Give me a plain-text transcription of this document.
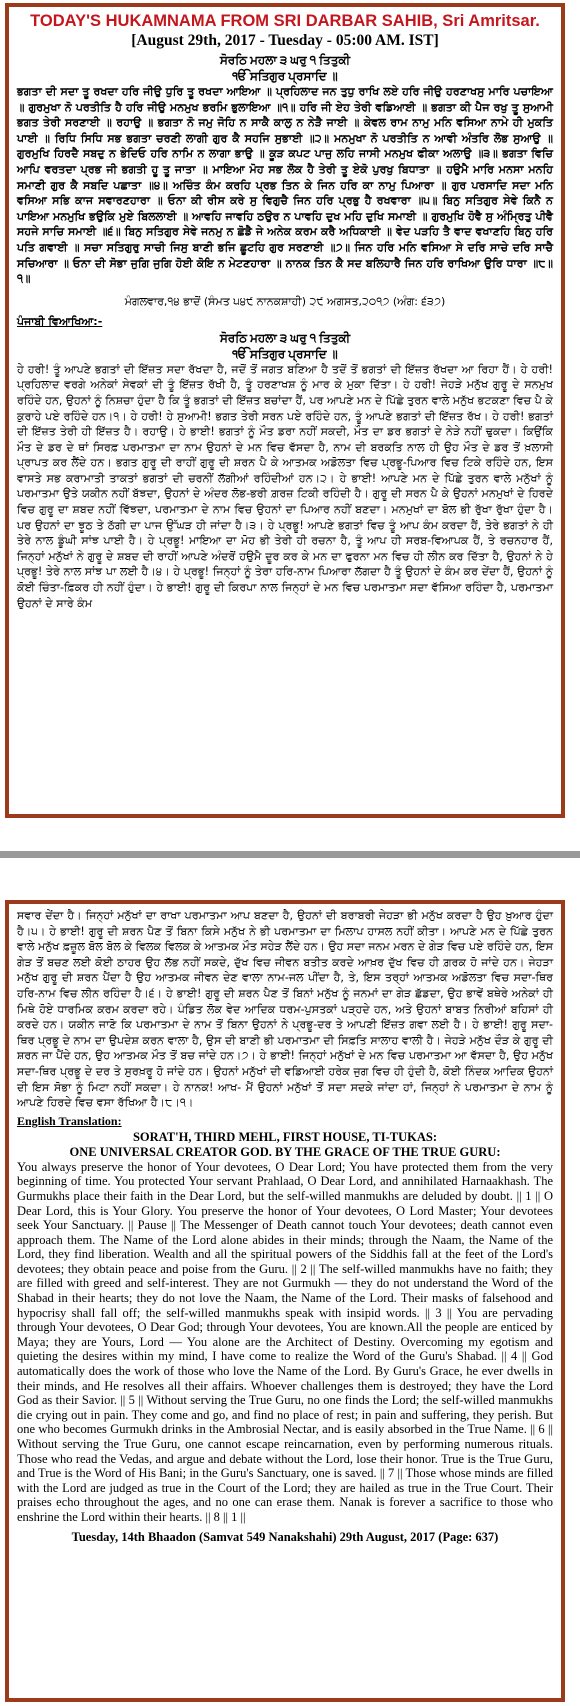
TODAY'S HUKAMNAMA FROM SRI DARBAR SAHIB, Sri Amritsar.

[August 29th, 2017 - Tuesday - 05:00 AM. IST]

ਸੋਰਠਿ ਮਹਲਾ ੩ ਘਰੁ ੧ ਤਿਤੁਕੀ

ੴ ਸਤਿਗੁਰ ਪ੍ਰਸਾਦਿ ॥

ਭਗਤਾ ਦੀ ਸਦਾ ਤੂ ਰਖਦਾ ਹਰਿ ਜੀਉ ਧੁਰਿ ਤੂ ਰਖਦਾ ਆਇਆ ॥ ਪ੍ਰਹਿਲਾਦ ਜਨ ਤੁਧੁ ਰਾਖਿ ਲਏ ਹਰਿ ਜੀਉ ਹਰਣਾਖਸੁ ਮਾਰਿ ਪਚਾਇਆ ॥ ਗੁਰਮੁਖਾ ਨੋ ਪਰਤੀਤਿ ਹੈ ਹਰਿ ਜੀਉ ਮਨਮੁਖ ਭਰਮਿ ਭੁਲਾਇਆ ॥੧॥ ਹਰਿ ਜੀ ਏਹ ਤੇਰੀ ਵਡਿਆਈ ॥ ਭਗਤਾ ਕੀ ਪੈਜ ਰਖੁ ਤੂ ਸੁਆਮੀ ਭਗਤ ਤੇਰੀ ਸਰਣਾਈ ॥ ਰਹਾਉ ॥ ਭਗਤਾ ਨੋ ਜਮੁ ਜੋਹਿ ਨ ਸਾਕੈ ਕਾਲੁ ਨ ਨੇੜੈ ਜਾਈ ॥ ਕੇਵਲ ਰਾਮ ਨਾਮੁ ਮਨਿ ਵਸਿਆ ਨਾਮੇ ਹੀ ਮੁਕਤਿ ਪਾਈ ॥ ਰਿਧਿ ਸਿਧਿ ਸਭ ਭਗਤਾ ਚਰਣੀ ਲਾਗੀ ਗੁਰ ਕੈ ਸਹਜਿ ਸੁਭਾਈ ॥੨॥ ਮਨਮੁਖਾ ਨੋ ਪਰਤੀਤਿ ਨ ਆਵੀ ਅੰਤਰਿ ਲੋਭ ਸੁਆਉ ॥ ਗੁਰਮੁਖਿ ਹਿਰਦੈ ਸਬਦੁ ਨ ਭੇਦਿਓ ਹਰਿ ਨਾਮਿ ਨ ਲਾਗਾ ਭਾਉ ॥ ਕੂੜ ਕਪਟ ਪਾਜੁ ਲਹਿ ਜਾਸੀ ਮਨਮੁਖ ਫੀਕਾ ਅਲਾਉ ॥੩॥ ਭਗਤਾ ਵਿਚਿ ਆਪਿ ਵਰਤਦਾ ਪ੍ਰਭ ਜੀ ਭਗਤੀ ਹੂ ਤੂ ਜਾਤਾ ॥ ਮਾਇਆ ਮੋਹ ਸਭ ਲੋਕ ਹੈ ਤੇਰੀ ਤੂ ਏਕੋ ਪੁਰਖੁ ਬਿਧਾਤਾ ॥ ਹਉਮੈ ਮਾਰਿ ਮਨਸਾ ਮਨਹਿ ਸਮਾਣੀ ਗੁਰ ਕੈ ਸਬਦਿ ਪਛਾਤਾ ॥੪॥ ਅਚਿੰਤ ਕੰਮ ਕਰਹਿ ਪ੍ਰਭ ਤਿਨ ਕੇ ਜਿਨ ਹਰਿ ਕਾ ਨਾਮੁ ਪਿਆਰਾ ॥ ਗੁਰ ਪਰਸਾਦਿ ਸਦਾ ਮਨਿ ਵਸਿਆ ਸਭਿ ਕਾਜ ਸਵਾਰਣਹਾਰਾ ॥ ਓਨਾ ਕੀ ਰੀਸ ਕਰੇ ਸੁ ਵਿਗੁਚੈ ਜਿਨ ਹਰਿ ਪ੍ਰਭੁ ਹੈ ਰਖਵਾਰਾ ॥੫॥ ਬਿਨੁ ਸਤਿਗੁਰ ਸੇਵੇ ਕਿਨੈ ਨ ਪਾਇਆ ਮਨਮੁਖਿ ਭਉਕਿ ਮੁਏ ਬਿਲਲਾਈ ॥ ਆਵਹਿ ਜਾਵਹਿ ਠਉਰ ਨ ਪਾਵਹਿ ਦੁਖ ਮਹਿ ਦੁਖਿ ਸਮਾਈ ॥ ਗੁਰਮੁਖਿ ਹੋਵੈ ਸੁ ਅੰਮ੍ਰਿਤੁ ਪੀਵੈ ਸਹਜੇ ਸਾਚਿ ਸਮਾਈ ॥੬॥ ਬਿਨੁ ਸਤਿਗੁਰ ਸੇਵੇ ਜਨਮੁ ਨ ਛੋਡੈ ਜੇ ਅਨੇਕ ਕਰਮ ਕਰੈ ਅਧਿਕਾਈ ॥ ਵੇਦ ਪੜਹਿ ਤੈ ਵਾਦ ਵਖਾਣਹਿ ਬਿਨੁ ਹਰਿ ਪਤਿ ਗਵਾਈ ॥ ਸਚਾ ਸਤਿਗੁਰੁ ਸਾਚੀ ਜਿਸੁ ਬਾਣੀ ਭਜਿ ਛੂਟਹਿ ਗੁਰ ਸਰਣਾਈ ॥੭॥ ਜਿਨ ਹਰਿ ਮਨਿ ਵਸਿਆ ਸੇ ਦਰਿ ਸਾਚੇ ਦਰਿ ਸਾਚੈ ਸਚਿਆਰਾ ॥ ਓਨਾ ਦੀ ਸੋਭਾ ਜੁਗਿ ਜੁਗਿ ਹੋਈ ਕੋਇ ਨ ਮੇਟਣਹਾਰਾ ॥ ਨਾਨਕ ਤਿਨ ਕੈ ਸਦ ਬਲਿਹਾਰੈ ਜਿਨ ਹਰਿ ਰਾਖਿਆ ਉਰਿ ਧਾਰਾ ॥੮॥੧॥

ਮੰਗਲਵਾਰ,੧੪ ਭਾਦੋਂ (ਸੰਮਤ ੫੪੯ ਨਾਨਕਸ਼ਾਹੀ) ੨੯ ਅਗਸਤ,੨੦੧੭ (ਅੰਗ: ੬੩੭)

ਪੰਜਾਬੀ ਵਿਆਖਿਆ:-

ਸੋਰਠਿ ਮਹਲਾ ੩ ਘਰੁ ੧ ਤਿਤੁਕੀ

ੴ ਸਤਿਗੁਰ ਪ੍ਰਸਾਦਿ ॥

ਹੇ ਹਰੀ! ਤੂੰ ਆਪਣੇ ਭਗਤਾਂ ਦੀ ਇੱਜ਼ਤ ਸਦਾ ਰੱਖਦਾ ਹੈ, ਜਦੋਂ ਤੋਂ ਜਗਤ ਬਣਿਆ ਹੈ ਤਦੋਂ ਤੋਂ ਭਗਤਾਂ ਦੀ ਇੱਜ਼ਤ ਰੱਖਦਾ ਆ ਰਿਹਾ ਹੈਂ। ਹੇ ਹਰੀ! ਪ੍ਰਹਿਲਾਦ ਵਰਗੇ ਅਨੇਕਾਂ ਸੇਵਕਾਂ ਦੀ ਤੂੰ ਇੱਜ਼ਤ ਰੱਖੀ ਹੈ, ਤੂੰ ਹਰਣਾਖਸ਼ ਨੂੰ ਮਾਰ ਕੇ ਮੁਕਾ ਦਿੱਤਾ। ਹੇ ਹਰੀ! ਜੇਹੜੇ ਮਨੁੱਖ ਗੁਰੂ ਦੇ ਸਨਮੁਖ ਰਹਿੰਦੇ ਹਨ, ਉਹਨਾਂ ਨੂੰ ਨਿਸ਼ਚਾ ਹੁੰਦਾ ਹੈ ਕਿ ਤੂੰ ਭਗਤਾਂ ਦੀ ਇੱਜ਼ਤ ਬਚਾਂਦਾ ਹੈਂ, ਪਰ ਆਪਣੇ ਮਨ ਦੇ ਪਿੱਛੇ ਤੁਰਨ ਵਾਲੇ ਮਨੁੱਖ ਭਟਕਣਾ ਵਿਚ ਪੈ ਕੇ ਕੁਰਾਹੇ ਪਏ ਰਹਿੰਦੇ ਹਨ।੧। ਹੇ ਹਰੀ! ਹੇ ਸੁਆਮੀ! ਭਗਤ ਤੇਰੀ ਸਰਨ ਪਏ ਰਹਿੰਦੇ ਹਨ, ਤੂੰ ਆਪਣੇ ਭਗਤਾਂ ਦੀ ਇੱਜ਼ਤ ਰੱਖ। ਹੇ ਹਰੀ! ਭਗਤਾਂ ਦੀ ਇੱਜ਼ਤ ਤੇਰੀ ਹੀ ਇੱਜ਼ਤ ਹੈ। ਰਹਾਉ। ਹੇ ਭਾਈ! ਭਗਤਾਂ ਨੂੰ ਮੌਤ ਡਰਾ ਨਹੀਂ ਸਕਦੀ, ਮੌਤ ਦਾ ਡਰ ਭਗਤਾਂ ਦੇ ਨੇੜੇ ਨਹੀਂ ਢੁਕਦਾ। ਕਿਉਂਕਿ ਮੌਤ ਦੇ ਡਰ ਦੇ ਥਾਂ ਸਿਰਫ਼ ਪਰਮਾਤਮਾ ਦਾ ਨਾਮ ਉਹਨਾਂ ਦੇ ਮਨ ਵਿਚ ਵੱਸਦਾ ਹੈ, ਨਾਮ ਦੀ ਬਰਕਤਿ ਨਾਲ ਹੀ ਉਹ ਮੌਤ ਦੇ ਡਰ ਤੋਂ ਖ਼ਲਾਸੀ ਪ੍ਰਾਪਤ ਕਰ ਲੈਂਦੇ ਹਨ। ਭਗਤ ਗੁਰੂ ਦੀ ਰਾਹੀਂ ਗੁਰੂ ਦੀ ਸ਼ਰਨ ਪੈ ਕੇ ਆਤਮਕ ਅਡੋਲਤਾ ਵਿਚ ਪ੍ਰਭੂ-ਪਿਆਰ ਵਿਚ ਟਿਕੇ ਰਹਿੰਦੇ ਹਨ, ਇਸ ਵਾਸਤੇ ਸਭ ਕਰਾਮਾਤੀ ਤਾਕਤਾਂ ਭਗਤਾਂ ਦੀ ਚਰਨੀਂ ਲੱਗੀਆਂ ਰਹਿੰਦੀਆਂ ਹਨ।੨। ਹੇ ਭਾਈ! ਆਪਣੇ ਮਨ ਦੇ ਪਿੱਛੇ ਤੁਰਨ ਵਾਲੇ ਮਨੁੱਖਾਂ ਨੂੰ ਪਰਮਾਤਮਾ ਉਤੇ ਯਕੀਨ ਨਹੀਂ ਬੱਝਦਾ, ਉਹਨਾਂ ਦੇ ਅੰਦਰ ਲੋਭ-ਭਰੀ ਗ਼ਰਜ਼ ਟਿਕੀ ਰਹਿੰਦੀ ਹੈ। ਗੁਰੂ ਦੀ ਸਰਨ ਪੈ ਕੇ ਉਹਨਾਂ ਮਨਮੁਖਾਂ ਦੇ ਹਿਰਦੇ ਵਿਚ ਗੁਰੂ ਦਾ ਸ਼ਬਦ ਨਹੀਂ ਵਿੱਝਦਾ, ਪਰਮਾਤਮਾ ਦੇ ਨਾਮ ਵਿਚ ਉਹਨਾਂ ਦਾ ਪਿਆਰ ਨਹੀਂ ਬਣਦਾ। ਮਨਮੁਖਾਂ ਦਾ ਬੋਲ ਭੀ ਰੁੱਖਾ ਰੁੱਖਾ ਹੁੰਦਾ ਹੈ। ਪਰ ਉਹਨਾਂ ਦਾ ਝੂਠ ਤੇ ਠੱਗੀ ਦਾ ਪਾਜ ਉੱਘੜ ਹੀ ਜਾਂਦਾ ਹੈ।੩। ਹੇ ਪ੍ਰਭੂ! ਆਪਣੇ ਭਗਤਾਂ ਵਿਚ ਤੂੰ ਆਪ ਕੰਮ ਕਰਦਾ ਹੈਂ, ਤੇਰੇ ਭਗਤਾਂ ਨੇ ਹੀ ਤੇਰੇ ਨਾਲ ਡੂੰਘੀ ਸਾਂਝ ਪਾਈ ਹੈ। ਹੇ ਪ੍ਰਭੂ! ਮਾਇਆ ਦਾ ਮੋਹ ਭੀ ਤੇਰੀ ਹੀ ਰਚਨਾ ਹੈ, ਤੂੰ ਆਪ ਹੀ ਸਰਬ-ਵਿਆਪਕ ਹੈਂ, ਤੇ ਰਚਨਹਾਰ ਹੈਂ, ਜਿਨ੍ਹਾਂ ਮਨੁੱਖਾਂ ਨੇ ਗੁਰੂ ਦੇ ਸ਼ਬਦ ਦੀ ਰਾਹੀਂ ਆਪਣੇ ਅੰਦਰੋਂ ਹਉਮੈ ਦੂਰ ਕਰ ਕੇ ਮਨ ਦਾ ਫੁਰਨਾ ਮਨ ਵਿਚ ਹੀ ਲੀਨ ਕਰ ਦਿੱਤਾ ਹੈ, ਉਹਨਾਂ ਨੇ ਹੇ ਪ੍ਰਭੂ! ਤੇਰੇ ਨਾਲ ਸਾਂਝ ਪਾ ਲਈ ਹੈ।੪। ਹੇ ਪ੍ਰਭੂ! ਜਿਨ੍ਹਾਂ ਨੂੰ ਤੇਰਾ ਹਰਿ-ਨਾਮ ਪਿਆਰਾ ਲੱਗਦਾ ਹੈ ਤੂੰ ਉਹਨਾਂ ਦੇ ਕੰਮ ਕਰ ਦੇਂਦਾ ਹੈਂ, ਉਹਨਾਂ ਨੂੰ ਕੋਈ ਚਿੰਤਾ-ਫ਼ਿਕਰ ਹੀ ਨਹੀਂ ਹੁੰਦਾ। ਹੇ ਭਾਈ! ਗੁਰੂ ਦੀ ਕਿਰਪਾ ਨਾਲ ਜਿਨ੍ਹਾਂ ਦੇ ਮਨ ਵਿਚ ਪਰਮਾਤਮਾ ਸਦਾ ਵੱਸਿਆ ਰਹਿੰਦਾ ਹੈ, ਪਰਮਾਤਮਾ ਉਹਨਾਂ ਦੇ ਸਾਰੇ ਕੰਮ

ਸਵਾਰ ਦੇਂਦਾ ਹੈ। ਜਿਨ੍ਹਾਂ ਮਨੁੱਖਾਂ ਦਾ ਰਾਖਾ ਪਰਮਾਤਮਾ ਆਪ ਬਣਦਾ ਹੈ, ਉਹਨਾਂ ਦੀ ਬਰਾਬਰੀ ਜੇਹੜਾ ਭੀ ਮਨੁੱਖ ਕਰਦਾ ਹੈ ਉਹ ਖ਼ੁਆਰ ਹੁੰਦਾ ਹੈ।੫। ਹੇ ਭਾਈ! ਗੁਰੂ ਦੀ ਸ਼ਰਨ ਪੈਣ ਤੋਂ ਬਿਨਾ ਕਿਸੇ ਮਨੁੱਖ ਨੇ ਭੀ ਪਰਮਾਤਮਾ ਦਾ ਮਿਲਾਪ ਹਾਸਲ ਨਹੀਂ ਕੀਤਾ। ਆਪਣੇ ਮਨ ਦੇ ਪਿੱਛੇ ਤੁਰਨ ਵਾਲੇ ਮਨੁੱਖ ਫ਼ਜ਼ੂਲ ਬੋਲ ਬੋਲ ਕੇ ਵਿਲਕ ਵਿਲਕ ਕੇ ਆਤਮਕ ਮੌਤ ਸਹੇੜ ਲੈਂਦੇ ਹਨ। ਉਹ ਸਦਾ ਜਨਮ ਮਰਨ ਦੇ ਗੇੜ ਵਿਚ ਪਏ ਰਹਿੰਦੇ ਹਨ, ਇਸ ਗੇੜ ਤੋਂ ਬਚਣ ਲਈ ਕੋਈ ਠਾਹਰ ਉਹ ਲੱਭ ਨਹੀਂ ਸਕਦੇ, ਦੁੱਖ ਵਿਚ ਜੀਵਨ ਬਤੀਤ ਕਰਦੇ ਆਖ਼ਰ ਦੁੱਖ ਵਿਚ ਹੀ ਗ਼ਰਕ ਹੋ ਜਾਂਦੇ ਹਨ। ਜੇਹੜਾ ਮਨੁੱਖ ਗੁਰੂ ਦੀ ਸ਼ਰਨ ਪੈਂਦਾ ਹੈ ਉਹ ਆਤਮਕ ਜੀਵਨ ਦੇਣ ਵਾਲਾ ਨਾਮ-ਜਲ ਪੀਂਦਾ ਹੈ, ਤੇ, ਇਸ ਤਰ੍ਹਾਂ ਆਤਮਕ ਅਡੋਲਤਾ ਵਿਚ ਸਦਾ-ਥਿਰ ਹਰਿ-ਨਾਮ ਵਿਚ ਲੀਨ ਰਹਿੰਦਾ ਹੈ।੬। ਹੇ ਭਾਈ! ਗੁਰੂ ਦੀ ਸ਼ਰਨ ਪੈਣ ਤੋਂ ਬਿਨਾਂ ਮਨੁੱਖ ਨੂੰ ਜਨਮਾਂ ਦਾ ਗੇੜ ਛੱਡਦਾ, ਉਹ ਭਾਵੇਂ ਬਥੇਰੇ ਅਨੇਕਾਂ ਹੀ ਮਿਥੇ ਹੋਏ ਧਾਰਮਿਕ ਕਰਮ ਕਰਦਾ ਰਹੇ। ਪੰਡਿਤ ਲੋਕ ਵੇਦ ਆਦਿਕ ਧਰਮ-ਪੁਸਤਕਾਂ ਪੜ੍ਹਦੇ ਹਨ, ਅਤੇ ਉਹਨਾਂ ਬਾਬਤ ਨਿਰੀਆਂ ਬਹਿਸਾਂ ਹੀ ਕਰਦੇ ਹਨ। ਯਕੀਨ ਜਾਣੋ ਕਿ ਪਰਮਾਤਮਾ ਦੇ ਨਾਮ ਤੋਂ ਬਿਨਾ ਉਹਨਾਂ ਨੇ ਪ੍ਰਭੂ-ਦਰ ਤੇ ਆਪਣੀ ਇੱਜ਼ਤ ਗਵਾ ਲਈ ਹੈ। ਹੇ ਭਾਈ! ਗੁਰੂ ਸਦਾ-ਥਿਰ ਪ੍ਰਭੂ ਦੇ ਨਾਮ ਦਾ ਉਪਦੇਸ਼ ਕਰਨ ਵਾਲਾ ਹੈ, ਉਸ ਦੀ ਬਾਣੀ ਭੀ ਪਰਮਾਤਮਾ ਦੀ ਸਿਫ਼ਤਿ ਸਾਲਾਹ ਵਾਲੀ ਹੈ। ਜੇਹੜੇ ਮਨੁੱਖ ਦੌੜ ਕੇ ਗੁਰੂ ਦੀ ਸ਼ਰਨ ਜਾ ਪੈਂਦੇ ਹਨ, ਉਹ ਆਤਮਕ ਮੌਤ ਤੋਂ ਬਚ ਜਾਂਦੇ ਹਨ।੭। ਹੇ ਭਾਈ! ਜਿਨ੍ਹਾਂ ਮਨੁੱਖਾਂ ਦੇ ਮਨ ਵਿਚ ਪਰਮਾਤਮਾ ਆ ਵੱਸਦਾ ਹੈ, ਉਹ ਮਨੁੱਖ ਸਦਾ-ਥਿਰ ਪ੍ਰਭੂ ਦੇ ਦਰ ਤੇ ਸੁਰਖ਼ਰੂ ਹੋ ਜਾਂਦੇ ਹਨ। ਉਹਨਾਂ ਮਨੁੱਖਾਂ ਦੀ ਵਡਿਆਈ ਹਰੇਕ ਜੁਗ ਵਿਚ ਹੀ ਹੁੰਦੀ ਹੈ, ਕੋਈ ਨਿੰਦਕ ਆਦਿਕ ਉਹਨਾਂ ਦੀ ਇਸ ਸੋਭਾ ਨੂੰ ਮਿਟਾ ਨਹੀਂ ਸਕਦਾ। ਹੇ ਨਾਨਕ! ਆਖ- ਮੈਂ ਉਹਨਾਂ ਮਨੁੱਖਾਂ ਤੋਂ ਸਦਾ ਸਦਕੇ ਜਾਂਦਾ ਹਾਂ, ਜਿਨ੍ਹਾਂ ਨੇ ਪਰਮਾਤਮਾ ਦੇ ਨਾਮ ਨੂੰ ਆਪਣੇ ਹਿਰਦੇ ਵਿਚ ਵਸਾ ਰੱਖਿਆ ਹੈ।੮।੧।

English Translation:

SORAT'H, THIRD MEHL, FIRST HOUSE, TI-TUKAS:

ONE UNIVERSAL CREATOR GOD. BY THE GRACE OF THE TRUE GURU:

You always preserve the honor of Your devotees, O Dear Lord; You have protected them from the very beginning of time. You protected Your servant Prahlaad, O Dear Lord, and annihilated Harnaakhash. The Gurmukhs place their faith in the Dear Lord, but the self-willed manmukhs are deluded by doubt. || 1 || O Dear Lord, this is Your Glory. You preserve the honor of Your devotees, O Lord Master; Your devotees seek Your Sanctuary. || Pause || The Messenger of Death cannot touch Your devotees; death cannot even approach them. The Name of the Lord alone abides in their minds; through the Naam, the Name of the Lord, they find liberation. Wealth and all the spiritual powers of the Siddhis fall at the feet of the Lord's devotees; they obtain peace and poise from the Guru. || 2 || The self-willed manmukhs have no faith; they are filled with greed and self-interest. They are not Gurmukh — they do not understand the Word of the Shabad in their hearts; they do not love the Naam, the Name of the Lord. Their masks of falsehood and hypocrisy shall fall off; the self-willed manmukhs speak with insipid words. || 3 || You are pervading through Your devotees, O Dear God; through Your devotees, You are known.All the people are enticed by Maya; they are Yours, Lord — You alone are the Architect of Destiny. Overcoming my egotism and quieting the desires within my mind, I have come to realize the Word of the Guru's Shabad. || 4 || God automatically does the work of those who love the Name of the Lord. By Guru's Grace, he ever dwells in their minds, and He resolves all their affairs. Whoever challenges them is destroyed; they have the Lord God as their Savior. || 5 || Without serving the True Guru, no one finds the Lord; the self-willed manmukhs die crying out in pain. They come and go, and find no place of rest; in pain and suffering, they perish. But one who becomes Gurmukh drinks in the Ambrosial Nectar, and is easily absorbed in the True Name. || 6 || Without serving the True Guru, one cannot escape reincarnation, even by performing numerous rituals. Those who read the Vedas, and argue and debate without the Lord, lose their honor. True is the True Guru, and True is the Word of His Bani; in the Guru's Sanctuary, one is saved. || 7 || Those whose minds are filled with the Lord are judged as true in the Court of the Lord; they are hailed as true in the True Court. Their praises echo throughout the ages, and no one can erase them. Nanak is forever a sacrifice to those who enshrine the Lord within their hearts. || 8 || 1 ||

Tuesday, 14th Bhaadon (Samvat 549 Nanakshahi) 29th August, 2017 (Page: 637)
